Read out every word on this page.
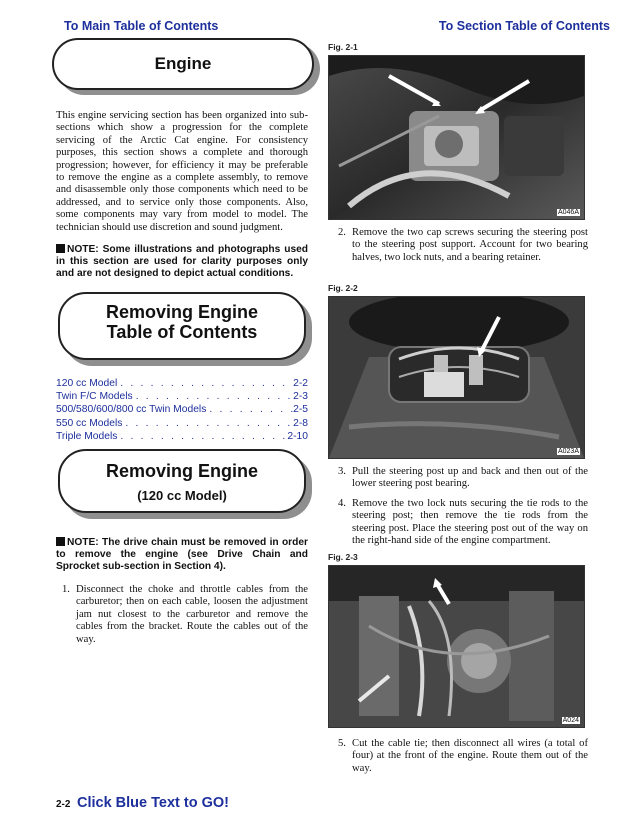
To Main Table of Contents	To Section Table of Contents
Engine
This engine servicing section has been organized into sub-sections which show a progression for the complete servicing of the Arctic Cat engine. For consistency purposes, this section shows a complete and thorough progression; however, for efficiency it may be preferable to remove the engine as a complete assembly, to remove and disassemble only those components which need to be addressed, and to service only those components. Also, some components may vary from model to model. The technician should use discretion and sound judgment.
NOTE: Some illustrations and photographs used in this section are used for clarity purposes only and are not designed to depict actual conditions.
Removing Engine
Table of Contents
120 cc Model . . .	2-2
Twin F/C Models . . .	2-3
500/580/600/800 cc Twin Models . . .	2-5
550 cc Models . . .	2-8
Triple Models . . .	2-10
Removing Engine
(120 cc Model)
NOTE: The drive chain must be removed in order to remove the engine (see Drive Chain and Sprocket sub-section in Section 4).
1. Disconnect the choke and throttle cables from the carburetor; then on each cable, loosen the adjustment jam nut closest to the carburetor and remove the cables from the bracket. Route the cables out of the way.
Fig. 2-1
A046A
2. Remove the two cap screws securing the steering post to the steering post support. Account for two bearing halves, two lock nuts, and a bearing retainer.
Fig. 2-2
A023A
3. Pull the steering post up and back and then out of the lower steering post bearing.
4. Remove the two lock nuts securing the tie rods to the steering post; then remove the tie rods from the steering post. Place the steering post out of the way on the right-hand side of the engine compartment.
Fig. 2-3
A024
5. Cut the cable tie; then disconnect all wires (a total of four) at the front of the engine. Route them out of the way.
2-2 Click Blue Text to GO!
